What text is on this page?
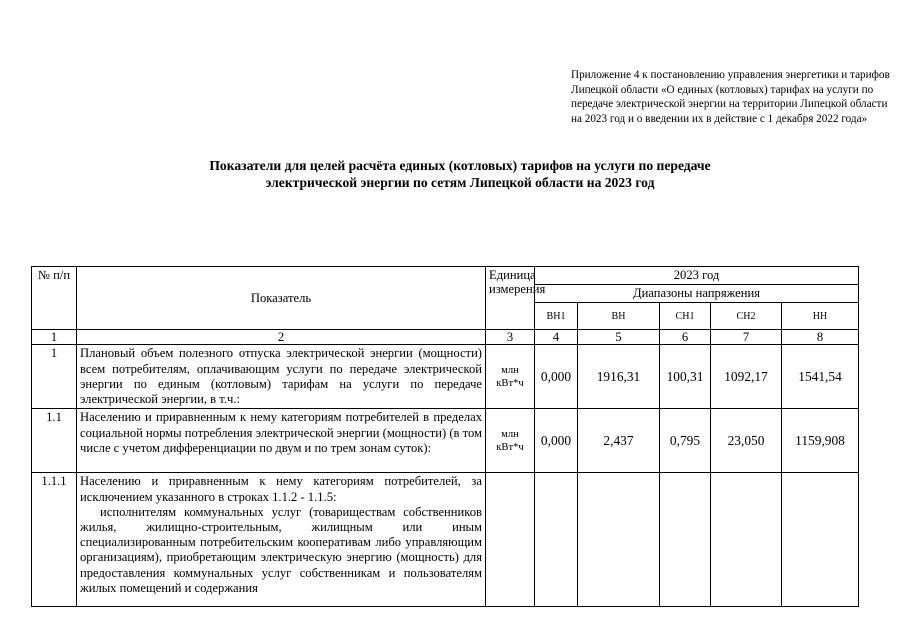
Приложение 4 к постановлению управления энергетики и тарифов Липецкой области «О единых (котловых) тарифах на услуги по передаче электрической энергии на территории Липецкой области на 2023 год и о введении их в действие с 1 декабря 2022 года»
Показатели для целей расчёта единых (котловых) тарифов на услуги по передаче
электрической энергии по сетям Липецкой области на 2023 год
№ п/п	Показатель	Единица измерения	2023 год				
			Диапазоны напряжения				
			ВН1	ВН	СН1	СН2	НН
1	2	3	4	5	6	7	8
1	Плановый объем полезного отпуска электрической энергии (мощности) всем потребителям, оплачивающим услуги по передаче электрической энергии по единым (котловым) тарифам на услуги по передаче электрической энергии, в т.ч.:	млн кВт*ч	0,000	1916,31	100,31	1092,17	1541,54
1.1	Населению и приравненным к нему категориям потребителей в пределах социальной нормы потребления электрической энергии (мощности) (в том числе с учетом дифференциации по двум и по трем зонам суток):	млн кВт*ч	0,000	2,437	0,795	23,050	1159,908
1.1.1	Населению и приравненным к нему категориям потребителей, за исключением указанного в строках 1.1.2 - 1.1.5:
исполнителям коммунальных услуг (товариществам собственников жилья, жилищно-строительным, жилищным или иным специализированным потребительским кооперативам либо управляющим организациям), приобретающим электрическую энергию (мощность) для предоставления коммунальных услуг собственникам и пользователям жилых помещений и содержания						
